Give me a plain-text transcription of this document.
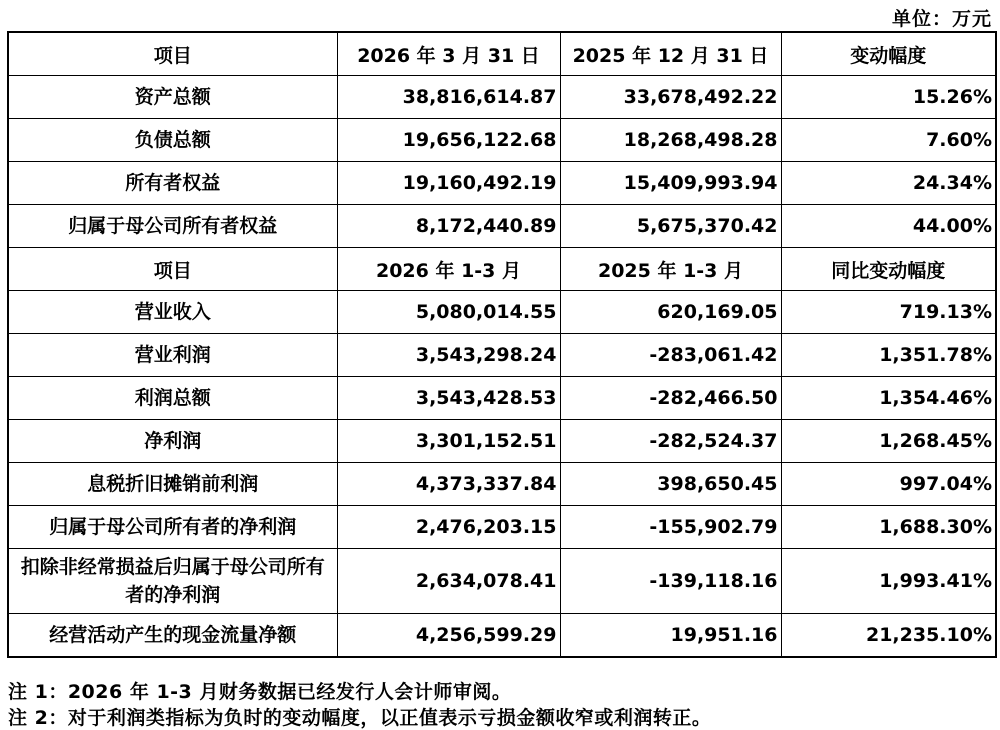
单位：万元
项目	2026 年 3 月 31 日	2025 年 12 月 31 日	变动幅度
资产总额	38,816,614.87	33,678,492.22	15.26%
负债总额	19,656,122.68	18,268,498.28	7.60%
所有者权益	19,160,492.19	15,409,993.94	24.34%
归属于母公司所有者权益	8,172,440.89	5,675,370.42	44.00%
项目	2026 年 1-3 月	2025 年 1-3 月	同比变动幅度
营业收入	5,080,014.55	620,169.05	719.13%
营业利润	3,543,298.24	-283,061.42	1,351.78%
利润总额	3,543,428.53	-282,466.50	1,354.46%
净利润	3,301,152.51	-282,524.37	1,268.45%
息税折旧摊销前利润	4,373,337.84	398,650.45	997.04%
归属于母公司所有者的净利润	2,476,203.15	-155,902.79	1,688.30%
扣除非经常损益后归属于母公司所有者的净利润	2,634,078.41	-139,118.16	1,993.41%
经营活动产生的现金流量净额	4,256,599.29	19,951.16	21,235.10%
注 1：2026 年 1-3 月财务数据已经发行人会计师审阅。
注 2：对于利润类指标为负时的变动幅度，以正值表示亏损金额收窄或利润转正。
